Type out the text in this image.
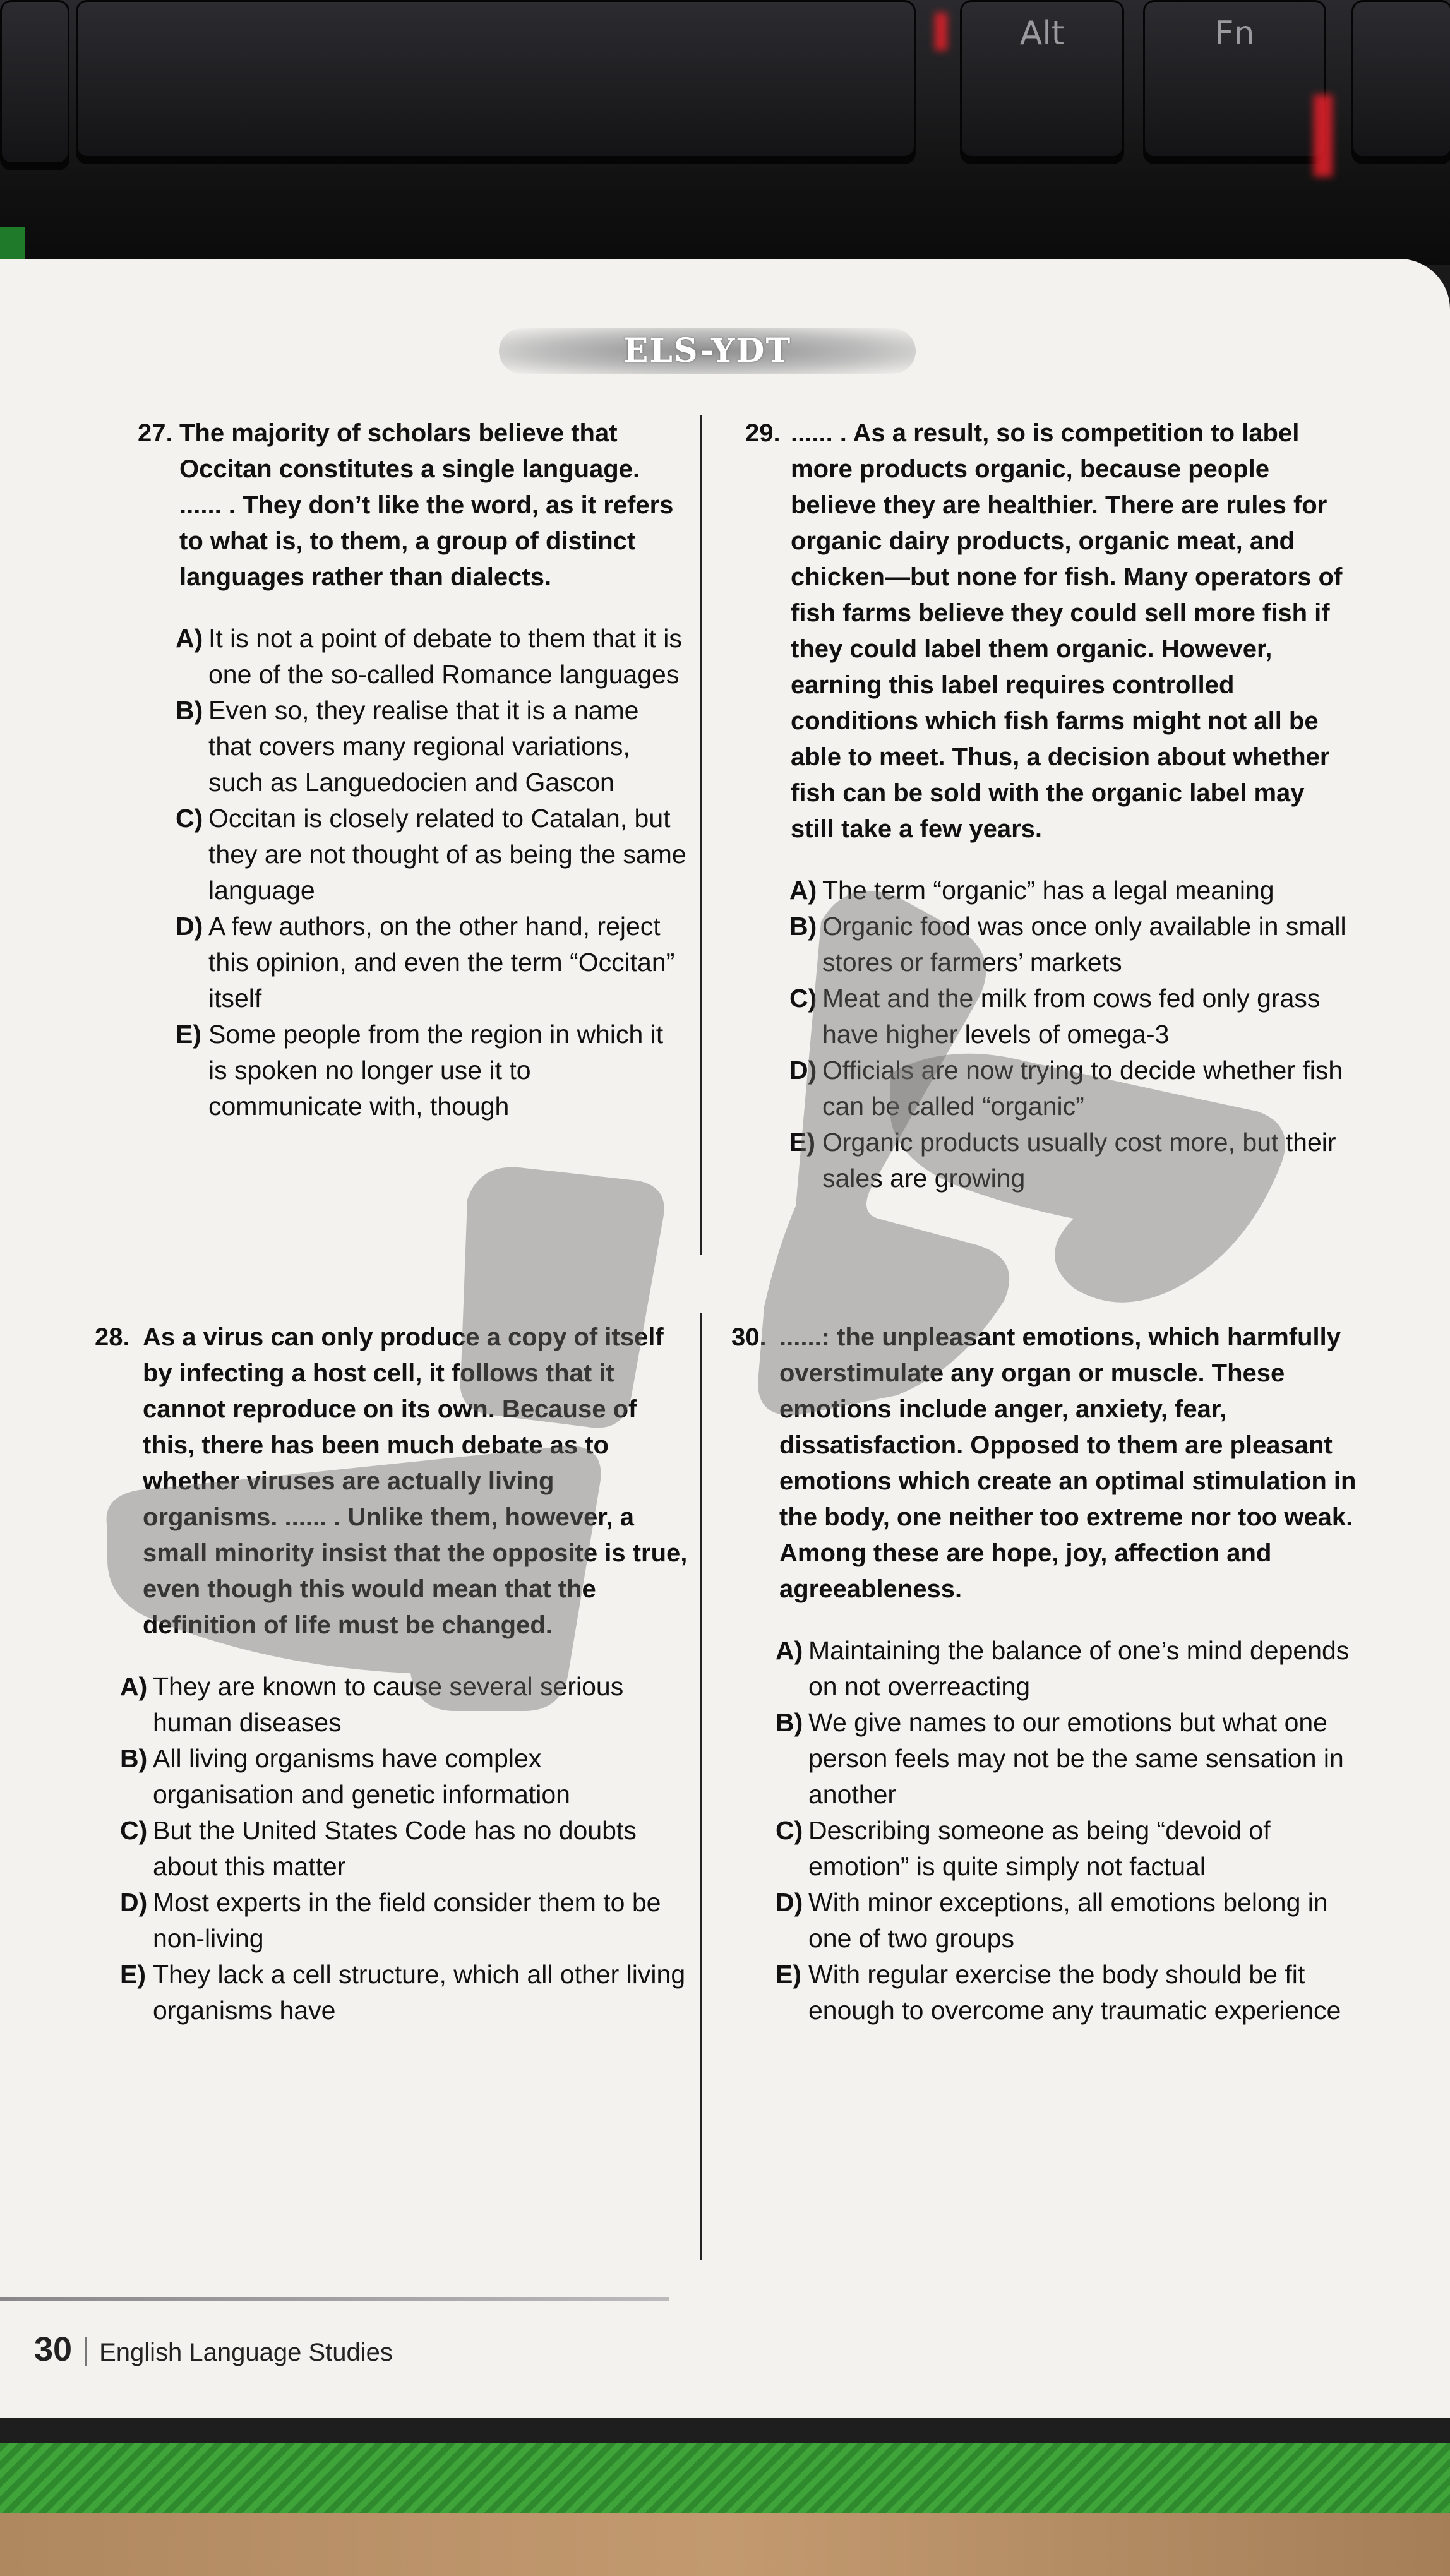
Alt	Fn
ELS-YDT
27. The majority of scholars believe that Occitan constitutes a single language. ...... . They don’t like the word, as it refers to what is, to them, a group of distinct languages rather than dialects.
A) It is not a point of debate to them that it is one of the so-called Romance languages
B) Even so, they realise that it is a name that covers many regional variations, such as Languedocien and Gascon
C) Occitan is closely related to Catalan, but they are not thought of as being the same language
D) A few authors, on the other hand, reject this opinion, and even the term “Occitan” itself
E) Some people from the region in which it is spoken no longer use it to communicate with, though
28. As a virus can only produce a copy of itself by infecting a host cell, it follows that it cannot reproduce on its own. Because of this, there has been much debate as to whether viruses are actually living organisms. ...... . Unlike them, however, a small minority insist that the opposite is true, even though this would mean that the definition of life must be changed.
A) They are known to cause several serious human diseases
B) All living organisms have complex organisation and genetic information
C) But the United States Code has no doubts about this matter
D) Most experts in the field consider them to be non-living
E) They lack a cell structure, which all other living organisms have
29. ...... . As a result, so is competition to label more products organic, because people believe they are healthier. There are rules for organic dairy products, organic meat, and chicken—but none for fish. Many operators of fish farms believe they could sell more fish if they could label them organic. However, earning this label requires controlled conditions which fish farms might not all be able to meet. Thus, a decision about whether fish can be sold with the organic label may still take a few years.
A) The term “organic” has a legal meaning
B) Organic food was once only available in small stores or farmers’ markets
C) Meat and the milk from cows fed only grass have higher levels of omega-3
D) Officials are now trying to decide whether fish can be called “organic”
E) Organic products usually cost more, but their sales are growing
30. ......: the unpleasant emotions, which harmfully overstimulate any organ or muscle. These emotions include anger, anxiety, fear, dissatisfaction. Opposed to them are pleasant emotions which create an optimal stimulation in the body, one neither too extreme nor too weak. Among these are hope, joy, affection and agreeableness.
A) Maintaining the balance of one’s mind depends on not overreacting
B) We give names to our emotions but what one person feels may not be the same sensation in another
C) Describing someone as being “devoid of emotion” is quite simply not factual
D) With minor exceptions, all emotions belong in one of two groups
E) With regular exercise the body should be fit enough to overcome any traumatic experience
30 English Language Studies
